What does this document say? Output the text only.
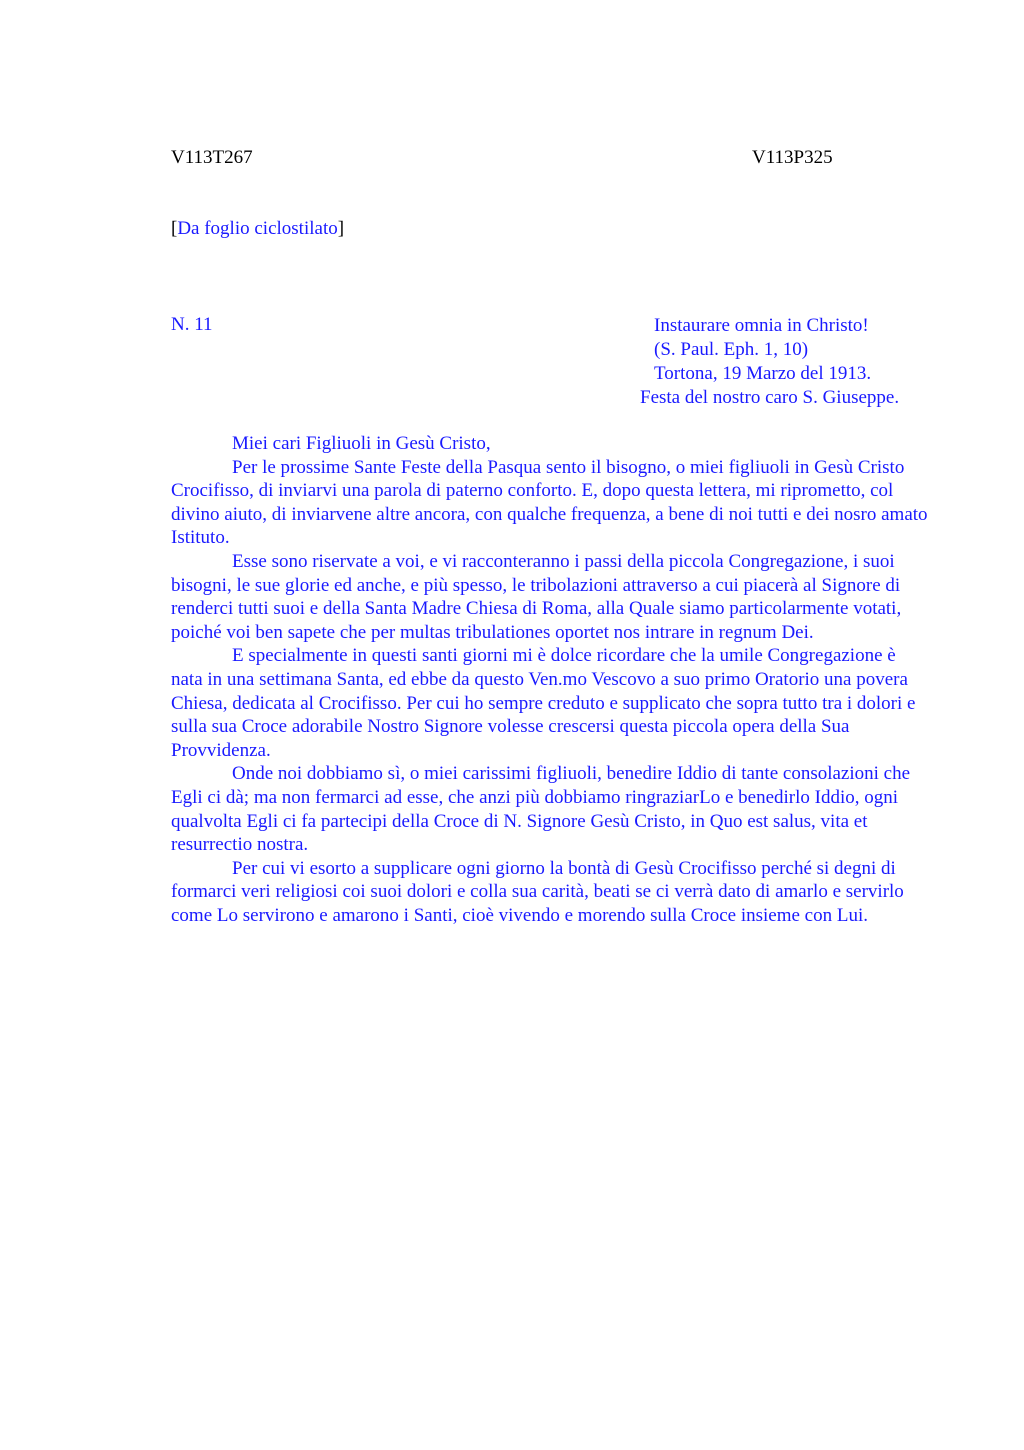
V113T267	V113P325
[Da foglio ciclostilato]
N. 11	Instaurare omnia in Christo!
(S. Paul. Eph. 1, 10)
Tortona, 19 Marzo del 1913.
Festa del nostro caro S. Giuseppe.

Miei cari Figliuoli in Gesù Cristo,

Per le prossime Sante Feste della Pasqua sento il bisogno, o miei figliuoli in Gesù Cristo Crocifisso, di inviarvi una parola di paterno conforto. E, dopo questa lettera, mi riprometto, col divino aiuto, di inviarvene altre ancora, con qualche frequenza, a bene di noi tutti e dei nosro amato Istituto.

Esse sono riservate a voi, e vi racconteranno i passi della piccola Congregazione, i suoi bisogni, le sue glorie ed anche, e più spesso, le tribolazioni attraverso a cui piacerà al Signore di renderci tutti suoi e della Santa Madre Chiesa di Roma, alla Quale siamo particolarmente votati, poiché voi ben sapete che per multas tribulationes oportet nos intrare in regnum Dei.

E specialmente in questi santi giorni mi è dolce ricordare che la umile Congregazione è nata in una settimana Santa, ed ebbe da questo Ven.mo Vescovo a suo primo Oratorio una povera Chiesa, dedicata al Crocifisso. Per cui ho sempre creduto e supplicato che sopra tutto tra i dolori e sulla sua Croce adorabile Nostro Signore volesse crescersi questa piccola opera della Sua Provvidenza.

Onde noi dobbiamo sì, o miei carissimi figliuoli, benedire Iddio di tante consolazioni che Egli ci dà; ma non fermarci ad esse, che anzi più dobbiamo ringraziarLo e benedirlo Iddio, ogni qualvolta Egli ci fa partecipi della Croce di N. Signore Gesù Cristo, in Quo est salus, vita et resurrectio nostra.

Per cui vi esorto a supplicare ogni giorno la bontà di Gesù Crocifisso perché si degni di formarci veri religiosi coi suoi dolori e colla sua carità, beati se ci verrà dato di amarlo e servirlo come Lo servirono e amarono i Santi, cioè vivendo e morendo sulla Croce insieme con Lui.
